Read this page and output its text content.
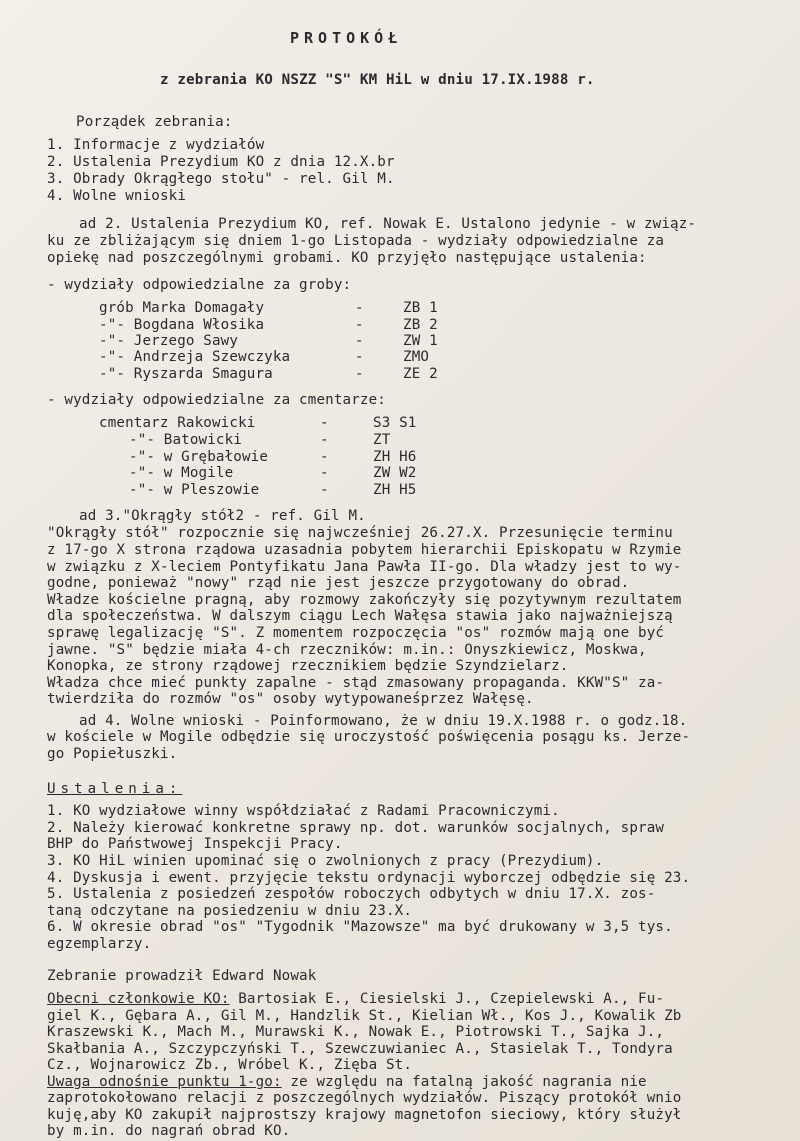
PROTOKÓŁ
z zebrania KO NSZZ "S" KM HiL w dniu 17.IX.1988 r.
Porządek zebrania:
1. Informacje z wydziałów
2. Ustalenia Prezydium KO z dnia 12.X.br
3. Obrady Okrągłego stołu" - rel. Gil M.
4. Wolne wnioski
ad 2. Ustalenia Prezydium KO, ref. Nowak E. Ustalono jedynie - w związ-
ku ze zbliżającym się dniem 1-go Listopada - wydziały odpowiedzialne za
opiekę nad poszczególnymi grobami. KO przyjęło następujące ustalenia:
- wydziały odpowiedzialne za groby:
grób Marka Domagały	-	ZB 1
-"- Bogdana Włosika	-	ZB 2
-"- Jerzego Sawy	-	ZW 1
-"- Andrzeja Szewczyka	-	ZMO
-"- Ryszarda Smagura	-	ZE 2
- wydziały odpowiedzialne za cmentarze:
cmentarz Rakowicki	-	S3 S1
-"- Batowicki	-	ZT
-"- w Grębałowie	-	ZH H6
-"- w Mogile	-	ZW W2
-"- w Pleszowie	-	ZH H5
ad 3."Okrągły stół2 - ref. Gil M.
"Okrągły stół" rozpocznie się najwcześniej 26.27.X. Przesunięcie terminu
z 17-go X strona rządowa uzasadnia pobytem hierarchii Episkopatu w Rzymie
w związku z X-leciem Pontyfikatu Jana Pawła II-go. Dla władzy jest to wy-
godne, ponieważ "nowy" rząd nie jest jeszcze przygotowany do obrad.
Władze kościelne pragną, aby rozmowy zakończyły się pozytywnym rezultatem
dla społeczeństwa. W dalszym ciągu Lech Wałęsa stawia jako najważniejszą
sprawę legalizację "S". Z momentem rozpoczęcia "os" rozmów mają one być
jawne. "S" będzie miała 4-ch rzeczników: m.in.: Onyszkiewicz, Moskwa,
Konopka, ze strony rządowej rzecznikiem będzie Szyndzielarz.
Władza chce mieć punkty zapalne - stąd zmasowany propaganda. KKW"S" za-
twierdziła do rozmów "os" osoby wytypowaneśprzez Wałęsę.
ad 4. Wolne wnioski - Poinformowano, że w dniu 19.X.1988 r. o godz.18.
w kościele w Mogile odbędzie się uroczystość poświęcenia posągu ks. Jerze-
go Popiełuszki.
Ustalenia:
1. KO wydziałowe winny współdziałać z Radami Pracowniczymi.
2. Należy kierować konkretne sprawy np. dot. warunków socjalnych, spraw
BHP do Państwowej Inspekcji Pracy.
3. KO HiL winien upominać się o zwolnionych z pracy (Prezydium).
4. Dyskusja i ewent. przyjęcie tekstu ordynacji wyborczej odbędzie się 23.
5. Ustalenia z posiedzeń zespołów roboczych odbytych w dniu 17.X. zos-
taną odczytane na posiedzeniu w dniu 23.X.
6. W okresie obrad "os" "Tygodnik "Mazowsze" ma być drukowany w 3,5 tys.
egzemplarzy.
Zebranie prowadził Edward Nowak
Obecni członkowie KO: Bartosiak E., Ciesielski J., Czepielewski A., Fu-
giel K., Gębara A., Gil M., Handzlik St., Kielian Wł., Kos J., Kowalik Zb
Kraszewski K., Mach M., Murawski K., Nowak E., Piotrowski T., Sajka J.,
Skałbania A., Szczypczyński T., Szewczuwianiec A., Stasielak T., Tondyra
Cz., Wojnarowicz Zb., Wróbel K., Zięba St.
Uwaga odnośnie punktu 1-go: ze względu na fatalną jakość nagrania nie
zaprotokołowano relacji z poszczególnych wydziałów. Piszący protokół wnio
kuję,aby KO zakupił najprostszy krajowy magnetofon sieciowy, który służył
by m.in. do nagrań obrad KO.
